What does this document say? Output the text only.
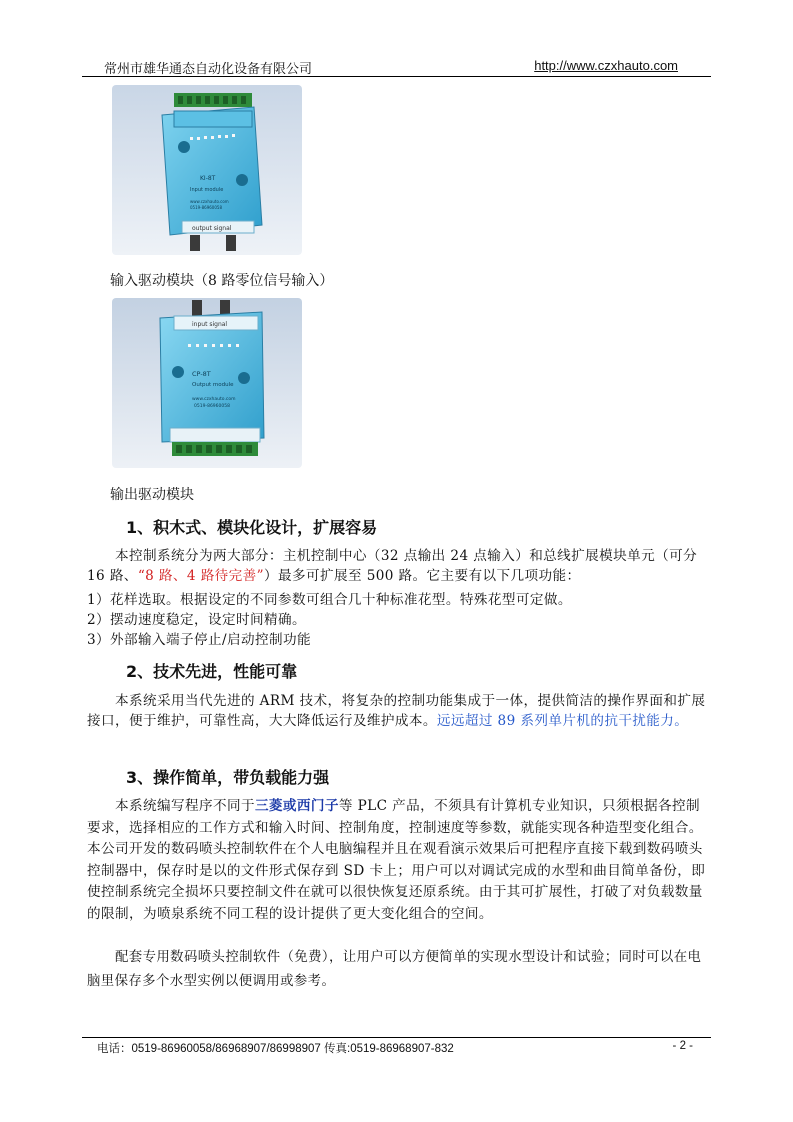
常州市雄华通态自动化设备有限公司	http://www.czxhauto.com
KI-8T
Input module
www.czxhauto.com
0519-86960058
output signal
输入驱动模块（8 路零位信号输入）
input signal
CP-8T
Output module
www.czxhauto.com
0519-86960058
输出驱动模块
1、积木式、模块化设计，扩展容易
本控制系统分为两大部分：主机控制中心（32 点输出 24 点输入）和总线扩展模块单元（可分 16 路、“8 路、4 路待完善”）最多可扩展至 500 路。它主要有以下几项功能：
1）花样选取。根据设定的不同参数可组合几十种标准花型。特殊花型可定做。
2）摆动速度稳定，设定时间精确。
3）外部输入端子停止/启动控制功能
2、技术先进，性能可靠
本系统采用当代先进的 ARM 技术，将复杂的控制功能集成于一体，提供简洁的操作界面和扩展接口，便于维护，可靠性高，大大降低运行及维护成本。远远超过 89 系列单片机的抗干扰能力。
3、操作简单，带负载能力强
本系统编写程序不同于三菱或西门子等 PLC 产品，不须具有计算机专业知识，只须根据各控制要求，选择相应的工作方式和输入时间、控制角度，控制速度等参数，就能实现各种造型变化组合。本公司开发的数码喷头控制软件在个人电脑编程并且在观看演示效果后可把程序直接下载到数码喷头控制器中，保存时是以的文件形式保存到 SD 卡上；用户可以对调试完成的水型和曲目简单备份，即使控制系统完全损坏只要控制文件在就可以很快恢复还原系统。由于其可扩展性，打破了对负载数量的限制，为喷泉系统不同工程的设计提供了更大变化组合的空间。
配套专用数码喷头控制软件（免费），让用户可以方便简单的实现水型设计和试验；同时可以在电脑里保存多个水型实例以便调用或参考。
电话：0519-86960058/86968907/86998907 传真:0519-86968907-832	- 2 -
